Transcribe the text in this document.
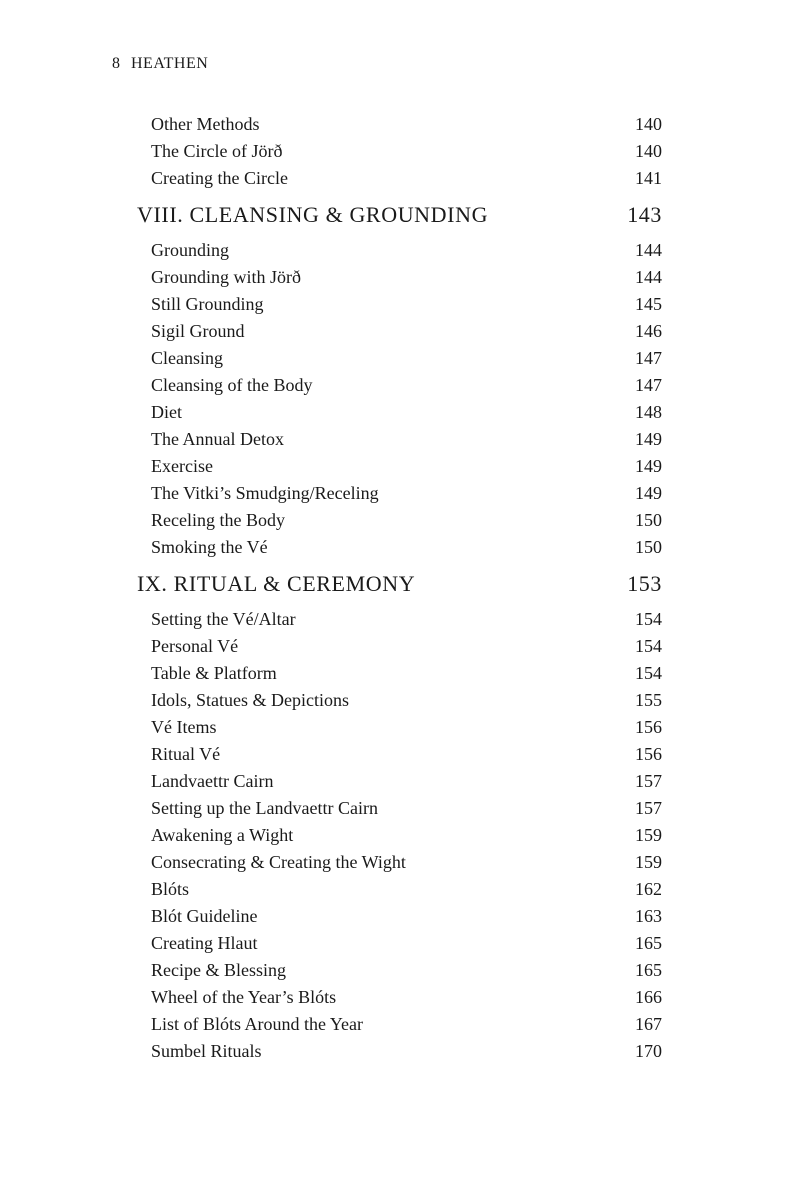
8 HEATHEN
Other Methods	140
The Circle of Jörð	140
Creating the Circle	141
VIII. CLEANSING & GROUNDING	143
Grounding	144
Grounding with Jörð	144
Still Grounding	145
Sigil Ground	146
Cleansing	147
Cleansing of the Body	147
Diet	148
The Annual Detox	149
Exercise	149
The Vitki’s Smudging/Receling	149
Receling the Body	150
Smoking the Vé	150
IX. RITUAL & CEREMONY	153
Setting the Vé/Altar	154
Personal Vé	154
Table & Platform	154
Idols, Statues & Depictions	155
Vé Items	156
Ritual Vé	156
Landvaettr Cairn	157
Setting up the Landvaettr Cairn	157
Awakening a Wight	159
Consecrating & Creating the Wight	159
Blóts	162
Blót Guideline	163
Creating Hlaut	165
Recipe & Blessing	165
Wheel of the Year’s Blóts	166
List of Blóts Around the Year	167
Sumbel Rituals	170
